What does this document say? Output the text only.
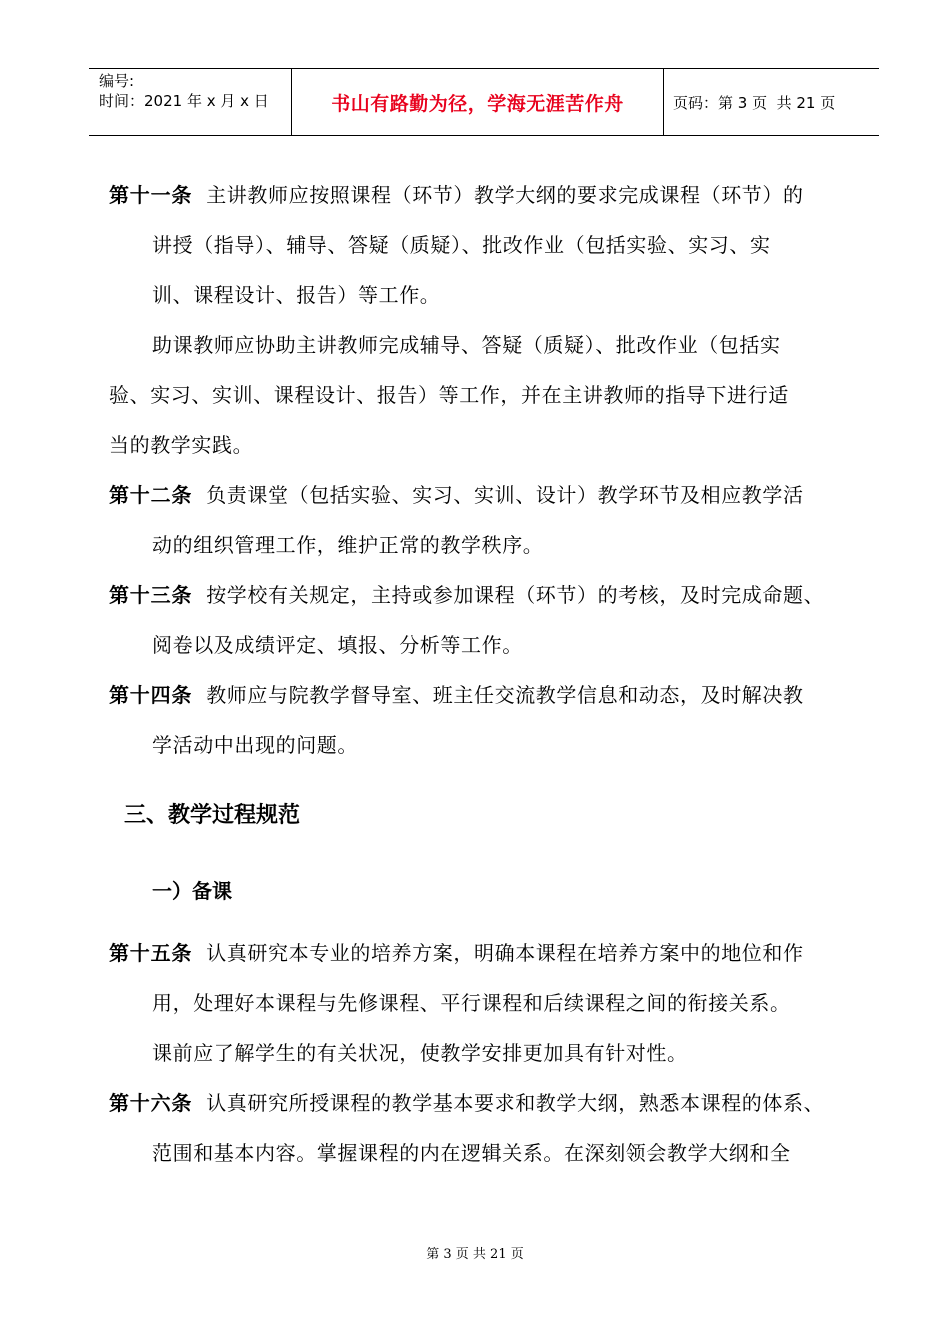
编号:
时间：2021 年 x 月 x 日	书山有路勤为径，学海无涯苦作舟	页码：第 3 页  共 21 页
第十一条 主讲教师应按照课程（环节）教学大纲的要求完成课程（环节）的
讲授（指导）、辅导、答疑（质疑）、批改作业（包括实验、实习、实
训、课程设计、报告）等工作。
助课教师应协助主讲教师完成辅导、答疑（质疑）、批改作业（包括实
验、实习、实训、课程设计、报告）等工作，并在主讲教师的指导下进行适
当的教学实践。
第十二条 负责课堂（包括实验、实习、实训、设计）教学环节及相应教学活
动的组织管理工作，维护正常的教学秩序。
第十三条 按学校有关规定，主持或参加课程（环节）的考核，及时完成命题、
阅卷以及成绩评定、填报、分析等工作。
第十四条 教师应与院教学督导室、班主任交流教学信息和动态，及时解决教
学活动中出现的问题。
三、教学过程规范
一）备课
第十五条 认真研究本专业的培养方案，明确本课程在培养方案中的地位和作
用，处理好本课程与先修课程、平行课程和后续课程之间的衔接关系。
课前应了解学生的有关状况，使教学安排更加具有针对性。
第十六条 认真研究所授课程的教学基本要求和教学大纲，熟悉本课程的体系、
范围和基本内容。掌握课程的内在逻辑关系。在深刻领会教学大纲和全
第 3 页 共 21 页
